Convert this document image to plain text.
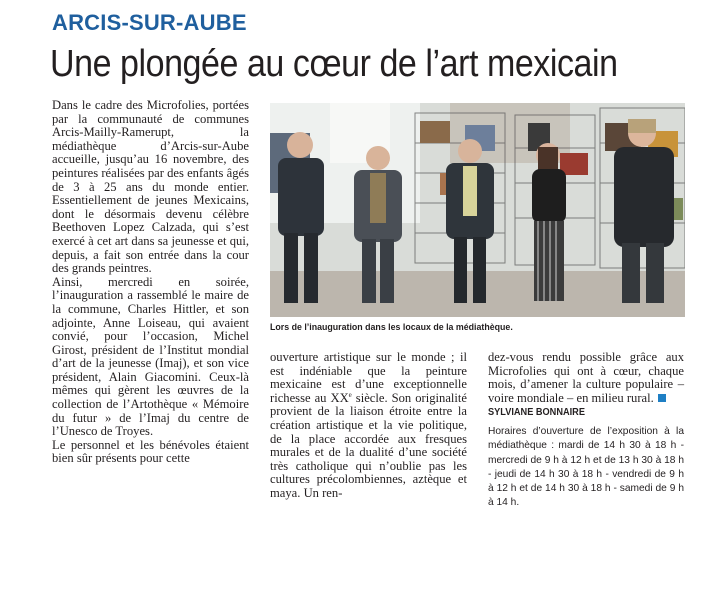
ARCIS-SUR-AUBE
Une plongée au cœur de l’art mexicain

Dans le cadre des Microfolies, portées par la communauté de communes Arcis-Mailly-Ramerupt, la médiathèque d’Arcis-sur-Aube accueille, jusqu’au 16 novembre, des peintures réalisées par des enfants âgés de 3 à 25 ans du monde entier. Essentiellement de jeunes Mexicains, dont le désormais devenu célèbre Beethoven Lopez Calzada, qui s’est exercé à cet art dans sa jeunesse et qui, depuis, a fait son entrée dans la cour des grands peintres.

Ainsi, mercredi en soirée, l’inauguration a rassemblé le maire de la commune, Charles Hittler, et son adjointe, Anne Loiseau, qui avaient convié, pour l’occasion, Michel Girost, président de l’Institut mondial d’art de la jeunesse (Imaj), et son vice président, Alain Giacomini. Ceux-là mêmes qui gèrent les œuvres de la collection de l’Artothèque « Mémoire du futur » de l’Imaj du centre de l’Unesco de Troyes.

Le personnel et les bénévoles étaient bien sûr présents pour cette

Lors de l’inauguration dans les locaux de la médiathèque.

ouverture artistique sur le monde ; il est indéniable que la peinture mexicaine est d’une exceptionnelle richesse au XXe siècle. Son originalité provient de la liaison étroite entre la création artistique et la vie politique, de la place accordée aux fresques murales et de la dualité d’une société très catholique qui n’oublie pas les cultures précolombiennes, aztèque et maya. Un ren-

dez-vous rendu possible grâce aux Microfolies qui ont à cœur, chaque mois, d’amener la culture populaire – voire mondiale – en milieu rural.

SYLVIANE BONNAIRE
Horaires d’ouverture de l’exposition à la médiathèque : mardi de 14 h 30 à 18 h - mercredi de 9 h à 12 h et de 13 h 30 à 18 h - jeudi de 14 h 30 à 18 h - vendredi de 9 h à 12 h et de 14 h 30 à 18 h - samedi de 9 h à 14 h.
